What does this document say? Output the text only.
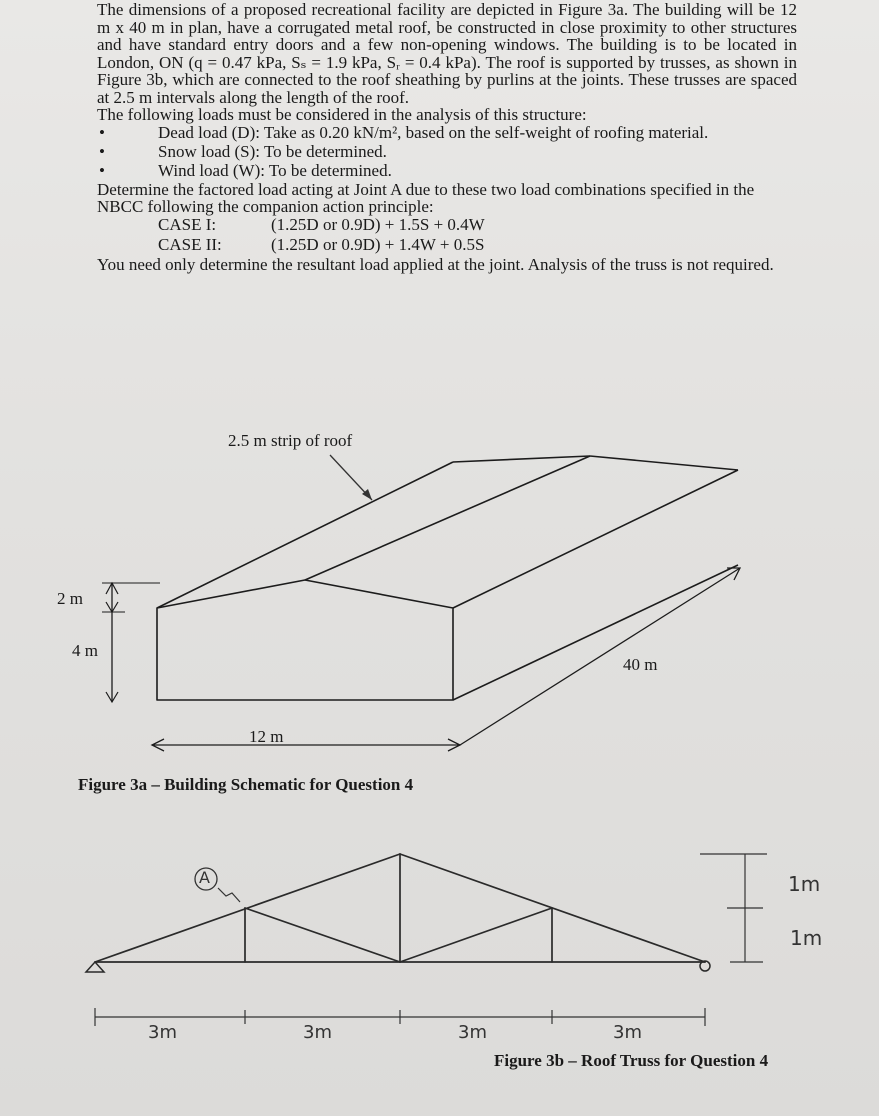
The dimensions of a proposed recreational facility are depicted in Figure 3a. The building will be 12 m x 40 m in plan, have a corrugated metal roof, be constructed in close proximity to other structures and have standard entry doors and a few non-opening windows. The building is to be located in London, ON (q = 0.47 kPa, Sₛ = 1.9 kPa, Sᵣ = 0.4 kPa). The roof is supported by trusses, as shown in Figure 3b, which are connected to the roof sheathing by purlins at the joints. These trusses are spaced at 2.5 m intervals along the length of the roof.

The following loads must be considered in the analysis of this structure:

•	Dead load (D): Take as 0.20 kN/m², based on the self-weight of roofing material.
•	Snow load (S): To be determined.
•	Wind load (W): To be determined.

Determine the factored load acting at Joint A due to these two load combinations specified in the NBCC following the companion action principle:

CASE I:	(1.25D or 0.9D) + 1.5S + 0.4W
CASE II:	(1.25D or 0.9D) + 1.4W + 0.5S

You need only determine the resultant load applied at the joint. Analysis of the truss is not required.

2.5 m strip of roof
2 m
4 m
40 m
12 m
Figure 3a – Building Schematic for Question 4
A	1m
1m
3m	3m	3m	3m
Figure 3b – Roof Truss for Question 4
